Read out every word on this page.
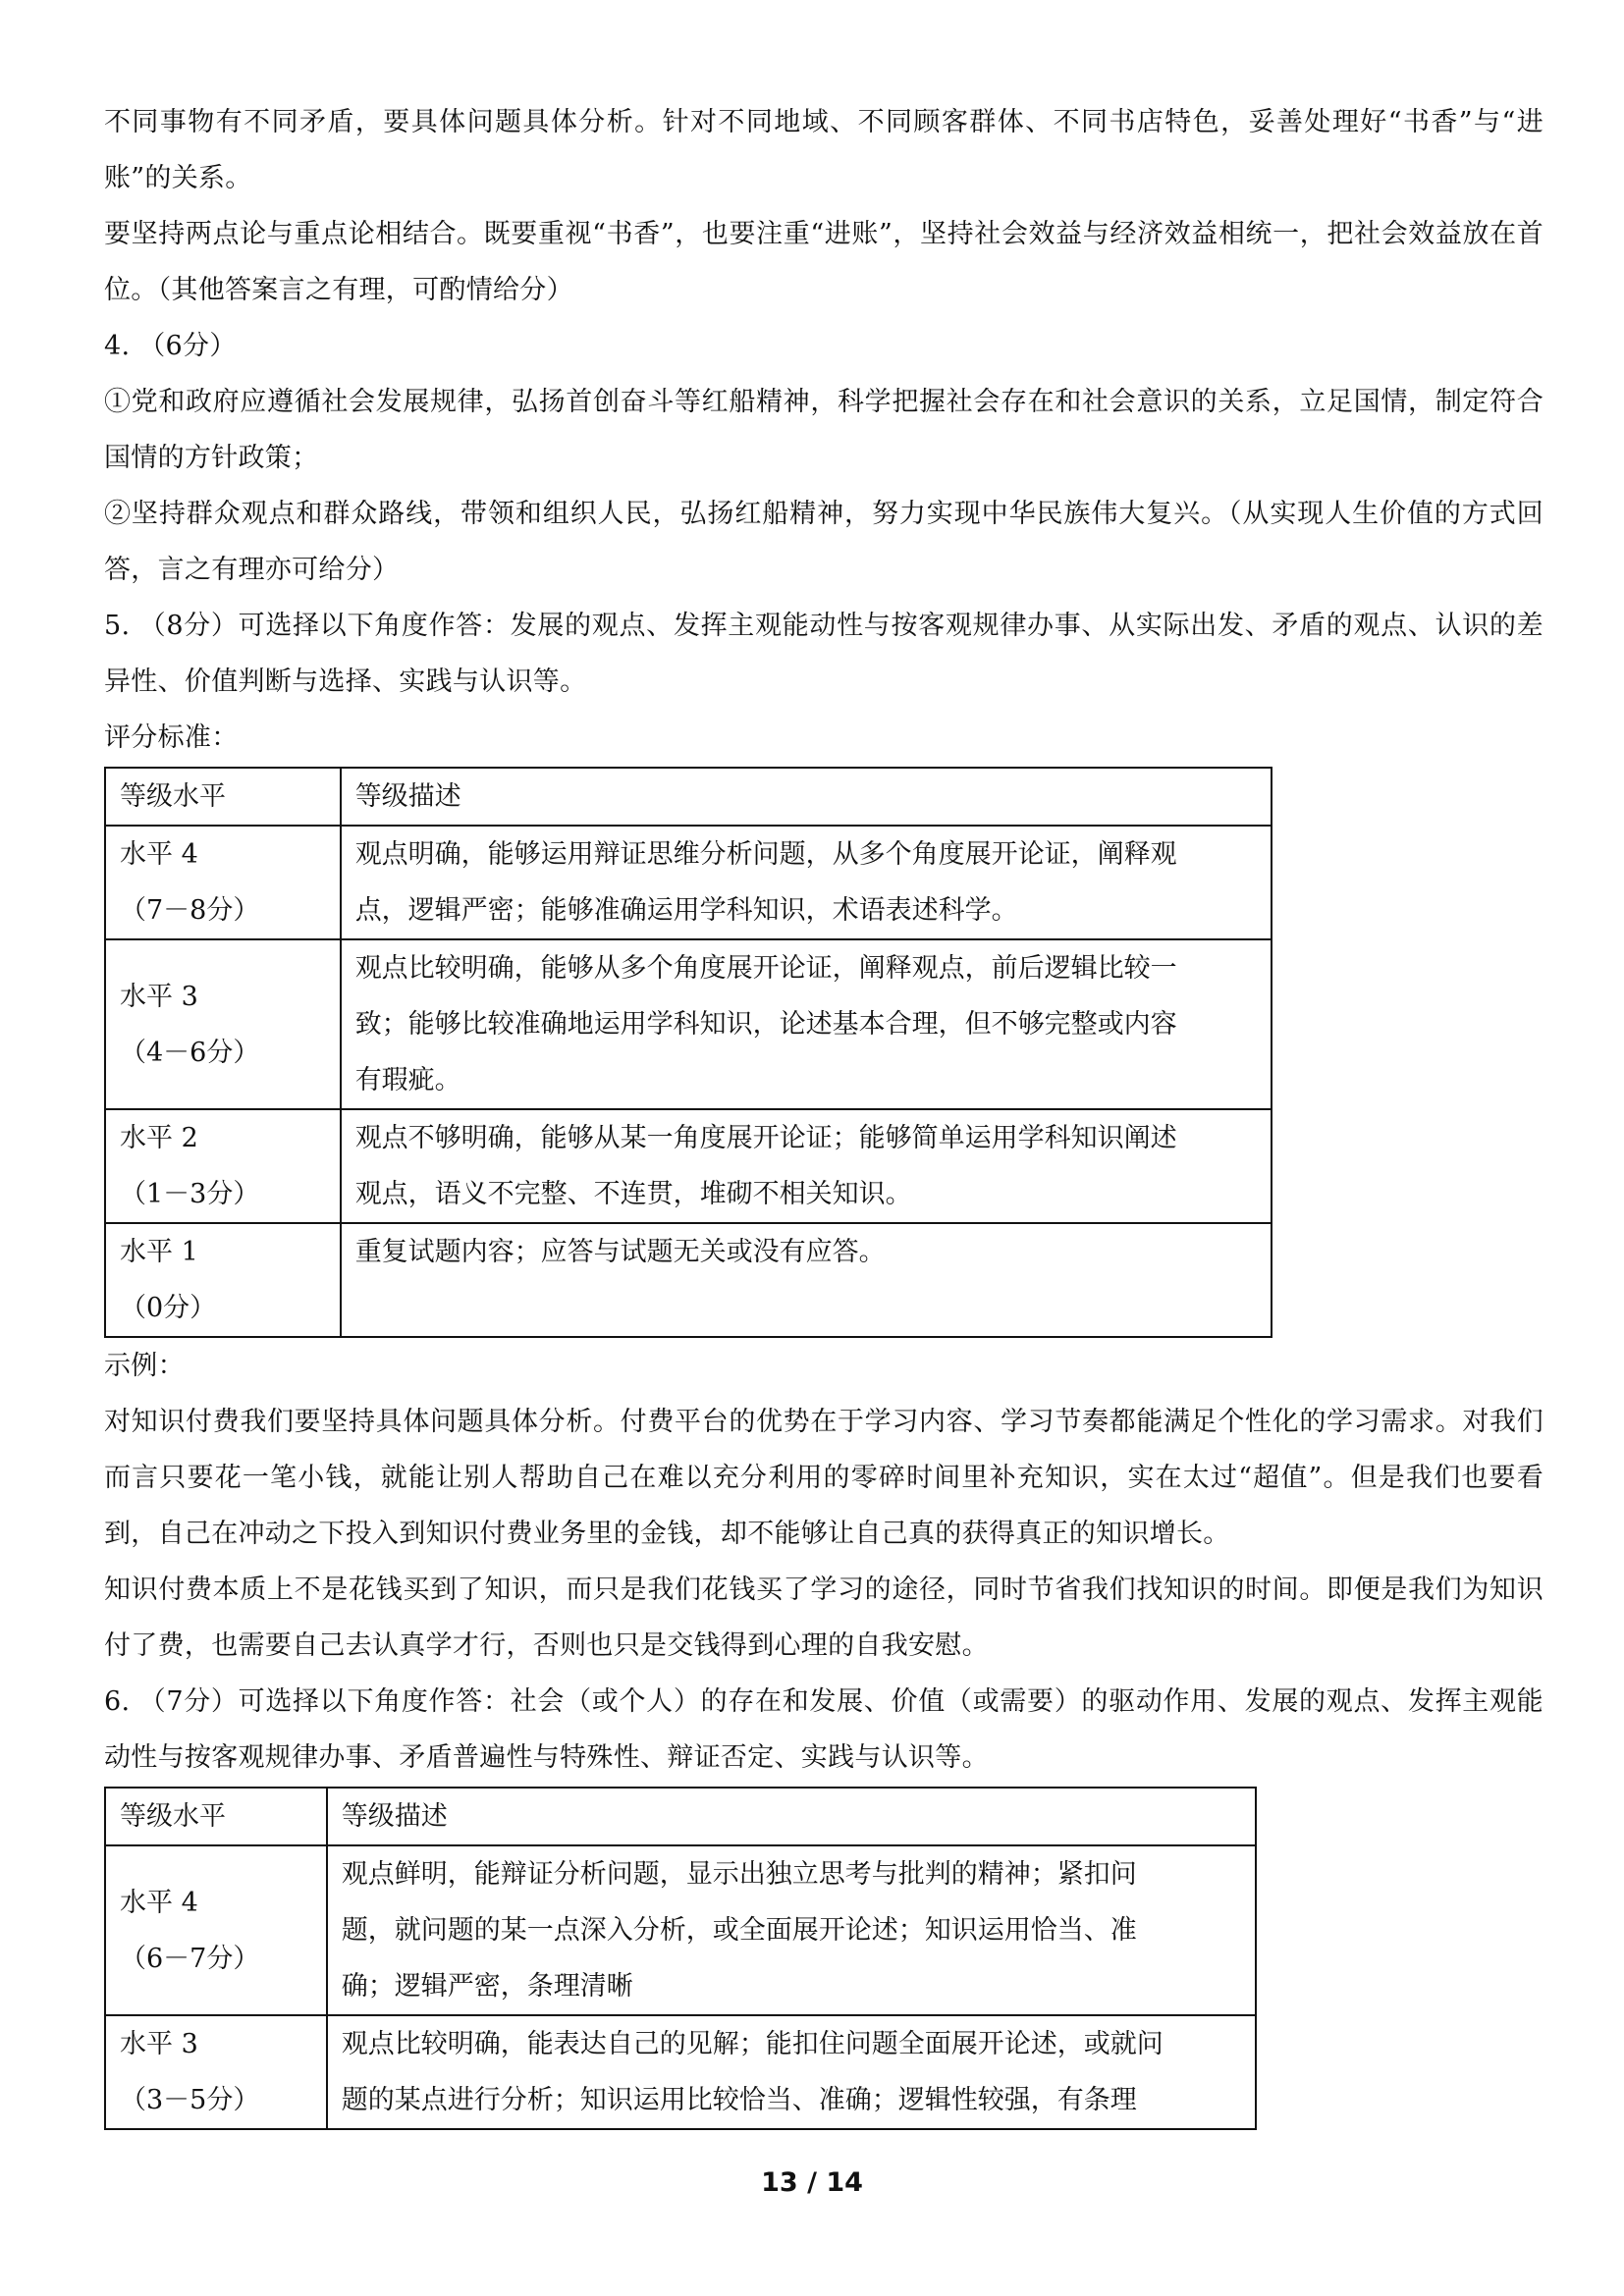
不同事物有不同矛盾，要具体问题具体分析。针对不同地域、不同顾客群体、不同书店特色，妥善处理好“书香”与“进账”的关系。

要坚持两点论与重点论相结合。既要重视“书香”，也要注重“进账”，坚持社会效益与经济效益相统一，把社会效益放在首位。（其他答案言之有理，可酌情给分）

4. （6分）

①党和政府应遵循社会发展规律，弘扬首创奋斗等红船精神，科学把握社会存在和社会意识的关系，立足国情，制定符合国情的方针政策；

②坚持群众观点和群众路线，带领和组织人民，弘扬红船精神，努力实现中华民族伟大复兴。（从实现人生价值的方式回答，言之有理亦可给分）

5. （8分）可选择以下角度作答：发展的观点、发挥主观能动性与按客观规律办事、从实际出发、矛盾的观点、认识的差异性、价值判断与选择、实践与认识等。

评分标准：

等级水平	等级描述

水平 4
（7－8分）	观点明确，能够运用辩证思维分析问题，从多个角度展开论证，阐释观
点，逻辑严密；能够准确运用学科知识，术语表述科学。

水平 3
（4－6分）	观点比较明确，能够从多个角度展开论证，阐释观点，前后逻辑比较一
致；能够比较准确地运用学科知识，论述基本合理，但不够完整或内容
有瑕疵。

水平 2
（1－3分）	观点不够明确，能够从某一角度展开论证；能够简单运用学科知识阐述
观点，语义不完整、不连贯，堆砌不相关知识。

水平 1
（0分）	重复试题内容；应答与试题无关或没有应答。

示例：

对知识付费我们要坚持具体问题具体分析。付费平台的优势在于学习内容、学习节奏都能满足个性化的学习需求。对我们而言只要花一笔小钱，就能让别人帮助自己在难以充分利用的零碎时间里补充知识，实在太过“超值”。但是我们也要看到，自己在冲动之下投入到知识付费业务里的金钱，却不能够让自己真的获得真正的知识增长。

知识付费本质上不是花钱买到了知识，而只是我们花钱买了学习的途径，同时节省我们找知识的时间。即便是我们为知识付了费，也需要自己去认真学才行，否则也只是交钱得到心理的自我安慰。

6. （7分）可选择以下角度作答：社会（或个人）的存在和发展、价值（或需要）的驱动作用、发展的观点、发挥主观能动性与按客观规律办事、矛盾普遍性与特殊性、辩证否定、实践与认识等。

等级水平	等级描述

水平 4
（6－7分）	观点鲜明，能辩证分析问题，显示出独立思考与批判的精神；紧扣问
题，就问题的某一点深入分析，或全面展开论述；知识运用恰当、准
确；逻辑严密，条理清晰

水平 3
（3－5分）	观点比较明确，能表达自己的见解；能扣住问题全面展开论述，或就问
题的某点进行分析；知识运用比较恰当、准确；逻辑性较强，有条理
13 / 14
